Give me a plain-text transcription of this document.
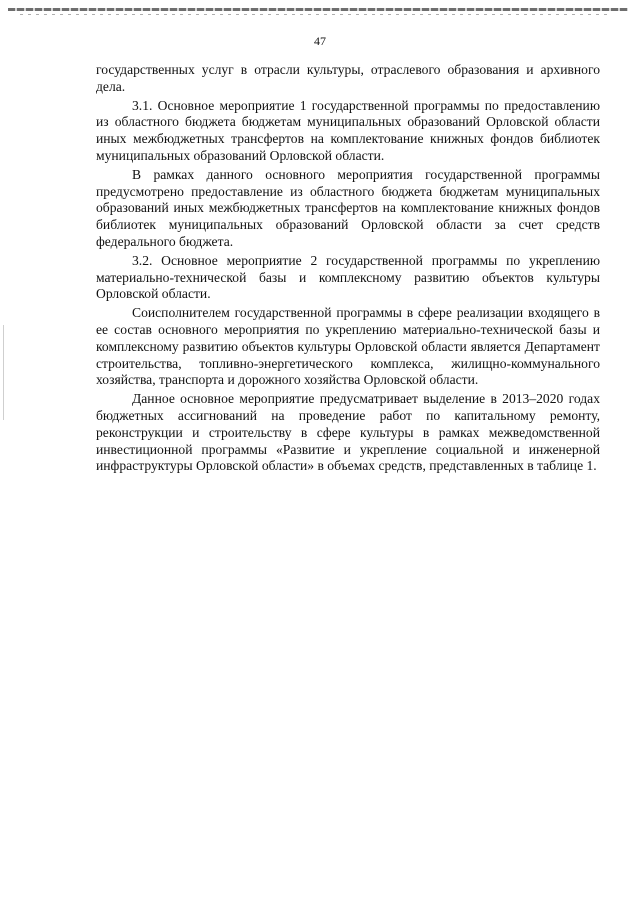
47

государственных услуг в отрасли культуры, отраслевого образования и архивного дела.

3.1. Основное мероприятие 1 государственной программы по предоставлению из областного бюджета бюджетам муниципальных образований Орловской области иных межбюджетных трансфертов на комплектование книжных фондов библиотек муниципальных образований Орловской области.

В рамках данного основного мероприятия государственной программы предусмотрено предоставление из областного бюджета бюджетам муниципальных образований иных межбюджетных трансфертов на комплектование книжных фондов библиотек муниципальных образований Орловской области за счет средств федерального бюджета.

3.2. Основное мероприятие 2 государственной программы по укреплению материально-технической базы и комплексному развитию объектов культуры Орловской области.

Соисполнителем государственной программы в сфере реализации входящего в ее состав основного мероприятия по укреплению материально-технической базы и комплексному развитию объектов культуры Орловской области является Департамент строительства, топливно-энергетического комплекса, жилищно-коммунального хозяйства, транспорта и дорожного хозяйства Орловской области.

Данное основное мероприятие предусматривает выделение в 2013–2020 годах бюджетных ассигнований на проведение работ по капитальному ремонту, реконструкции и строительству в сфере культуры в рамках межведомственной инвестиционной программы «Развитие и укрепление социальной и инженерной инфраструктуры Орловской области» в объемах средств, представленных в таблице 1.
